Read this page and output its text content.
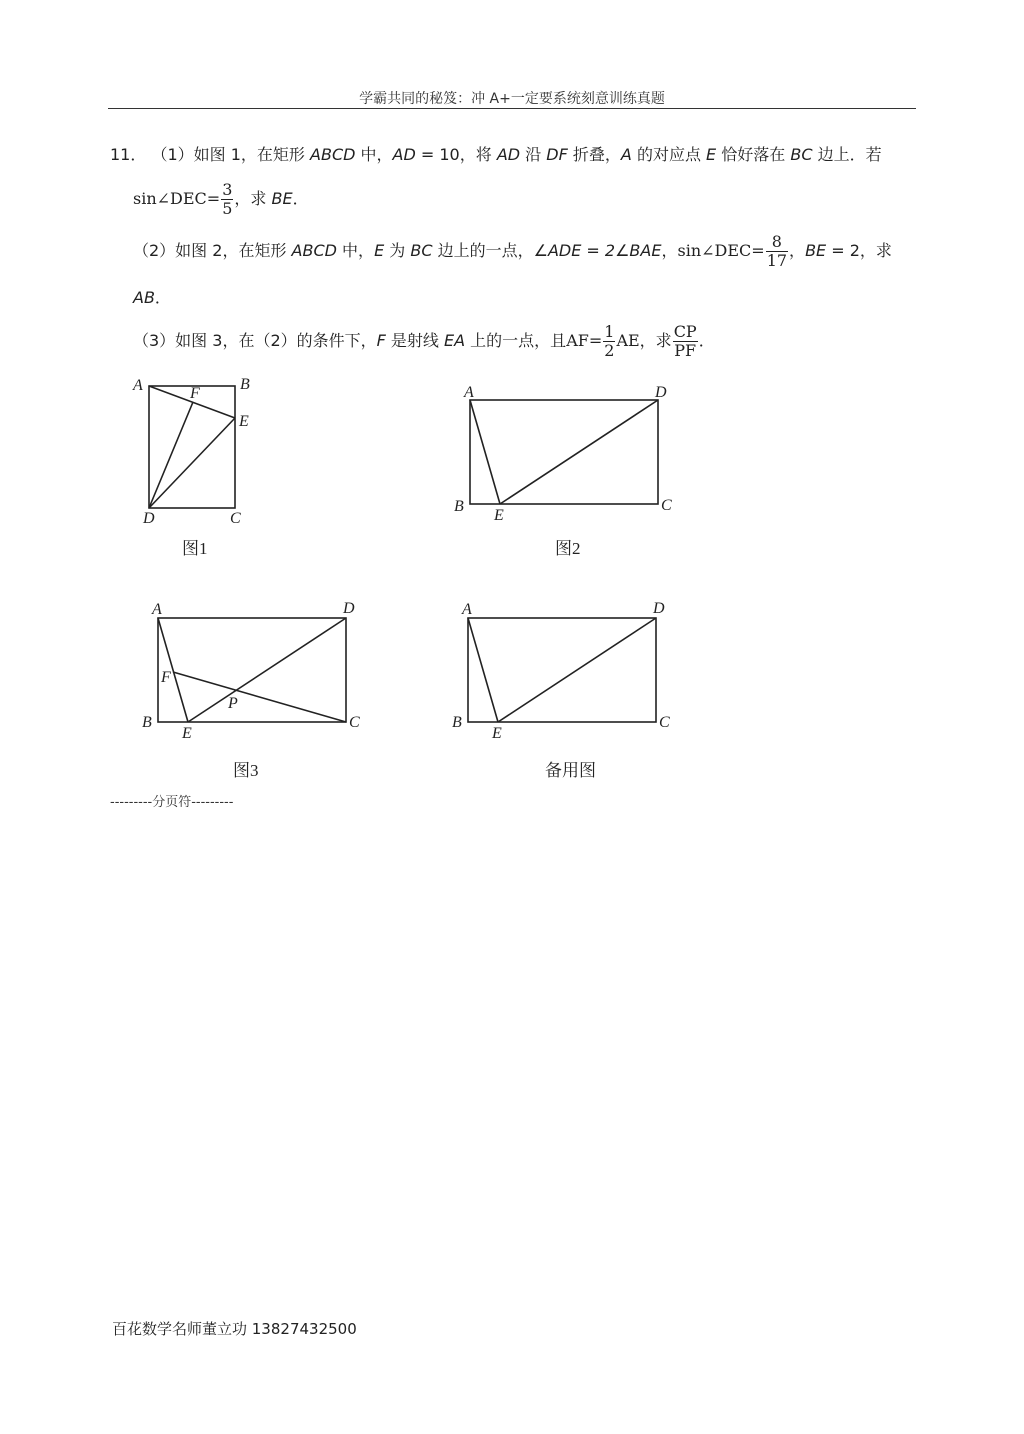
学霸共同的秘笈：冲 A+一定要系统刻意训练真题
11． （1）如图 1，在矩形 ABCD 中，AD = 10，将 AD 沿 DF 折叠，A 的对应点 E 恰好落在 BC 边上．若
sin∠DEC= $\frac{3}{5}$ ，求 BE．
（2）如图 2，在矩形 ABCD 中，E 为 BC 边上的一点，∠ADE = 2∠BAE，sin∠DEC= $\frac{8}{17}$ ，BE = 2，求
AB．
（3）如图 3，在（2）的条件下，F 是射线 EA 上的一点，且$AF= \frac{1}{2}$ AE，求 $\frac{CP}{PF}$ ．
A	B
F
E
D	C
图1
A	D
B
E
C
图2
A	D
F
P
B
E
C
图3
A	D
B
E
C
备用图
---------分页符---------
百花数学名师董立功 13827432500
